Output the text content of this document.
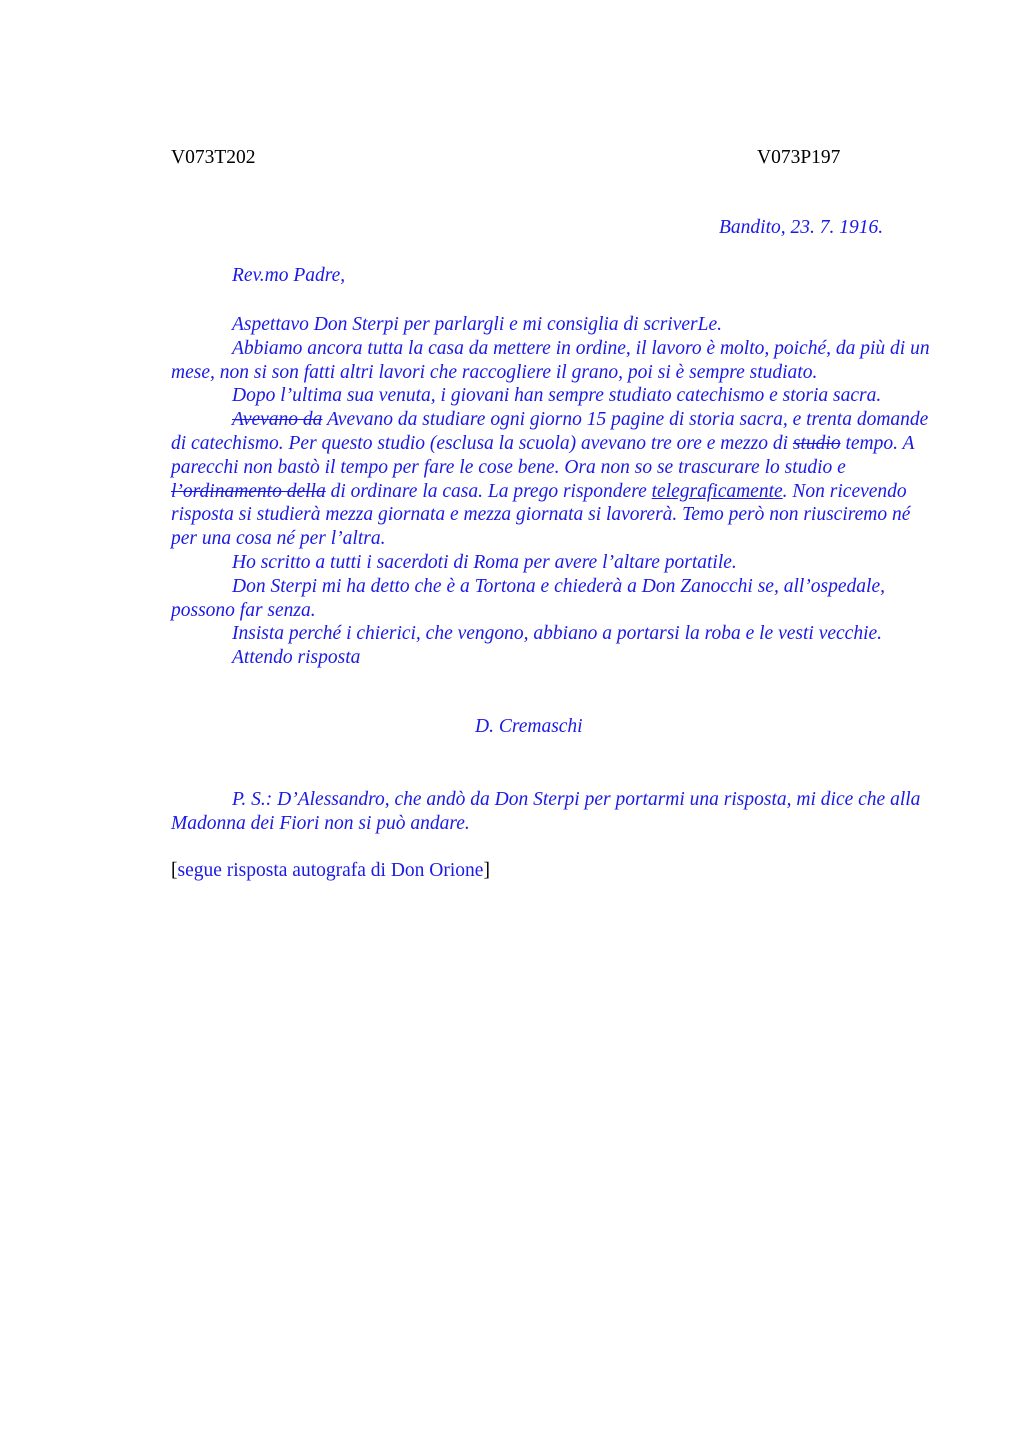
V073T202	V073P197
Bandito, 23. 7. 1916.
Rev.mo Padre,

Aspettavo Don Sterpi per parlargli e mi consiglia di scriverLe.

Abbiamo ancora tutta la casa da mettere in ordine, il lavoro è molto, poiché, da più di un mese, non si son fatti altri lavori che raccogliere il grano, poi si è sempre studiato.

Dopo l’ultima sua venuta, i giovani han sempre studiato catechismo e storia sacra.

Avevano da Avevano da studiare ogni giorno 15 pagine di storia sacra, e trenta domande di catechismo. Per questo studio (esclusa la scuola) avevano tre ore e mezzo di studio tempo. A parecchi non bastò il tempo per fare le cose bene. Ora non so se trascurare lo studio e l’ordinamento della di ordinare la casa. La prego rispondere telegraficamente. Non ricevendo risposta si studierà mezza giornata e mezza giornata si lavorerà. Temo però non riusciremo né per una cosa né per l’altra.

Ho scritto a tutti i sacerdoti di Roma per avere l’altare portatile.

Don Sterpi mi ha detto che è a Tortona e chiederà a Don Zanocchi se, all’ospedale, possono far senza.

Insista perché i chierici, che vengono, abbiano a portarsi la roba e le vesti vecchie.

Attendo risposta

D. Cremaschi

P. S.: D’Alessandro, che andò da Don Sterpi per portarmi una risposta, mi dice che alla Madonna dei Fiori non si può andare.

[segue risposta autografa di Don Orione]
